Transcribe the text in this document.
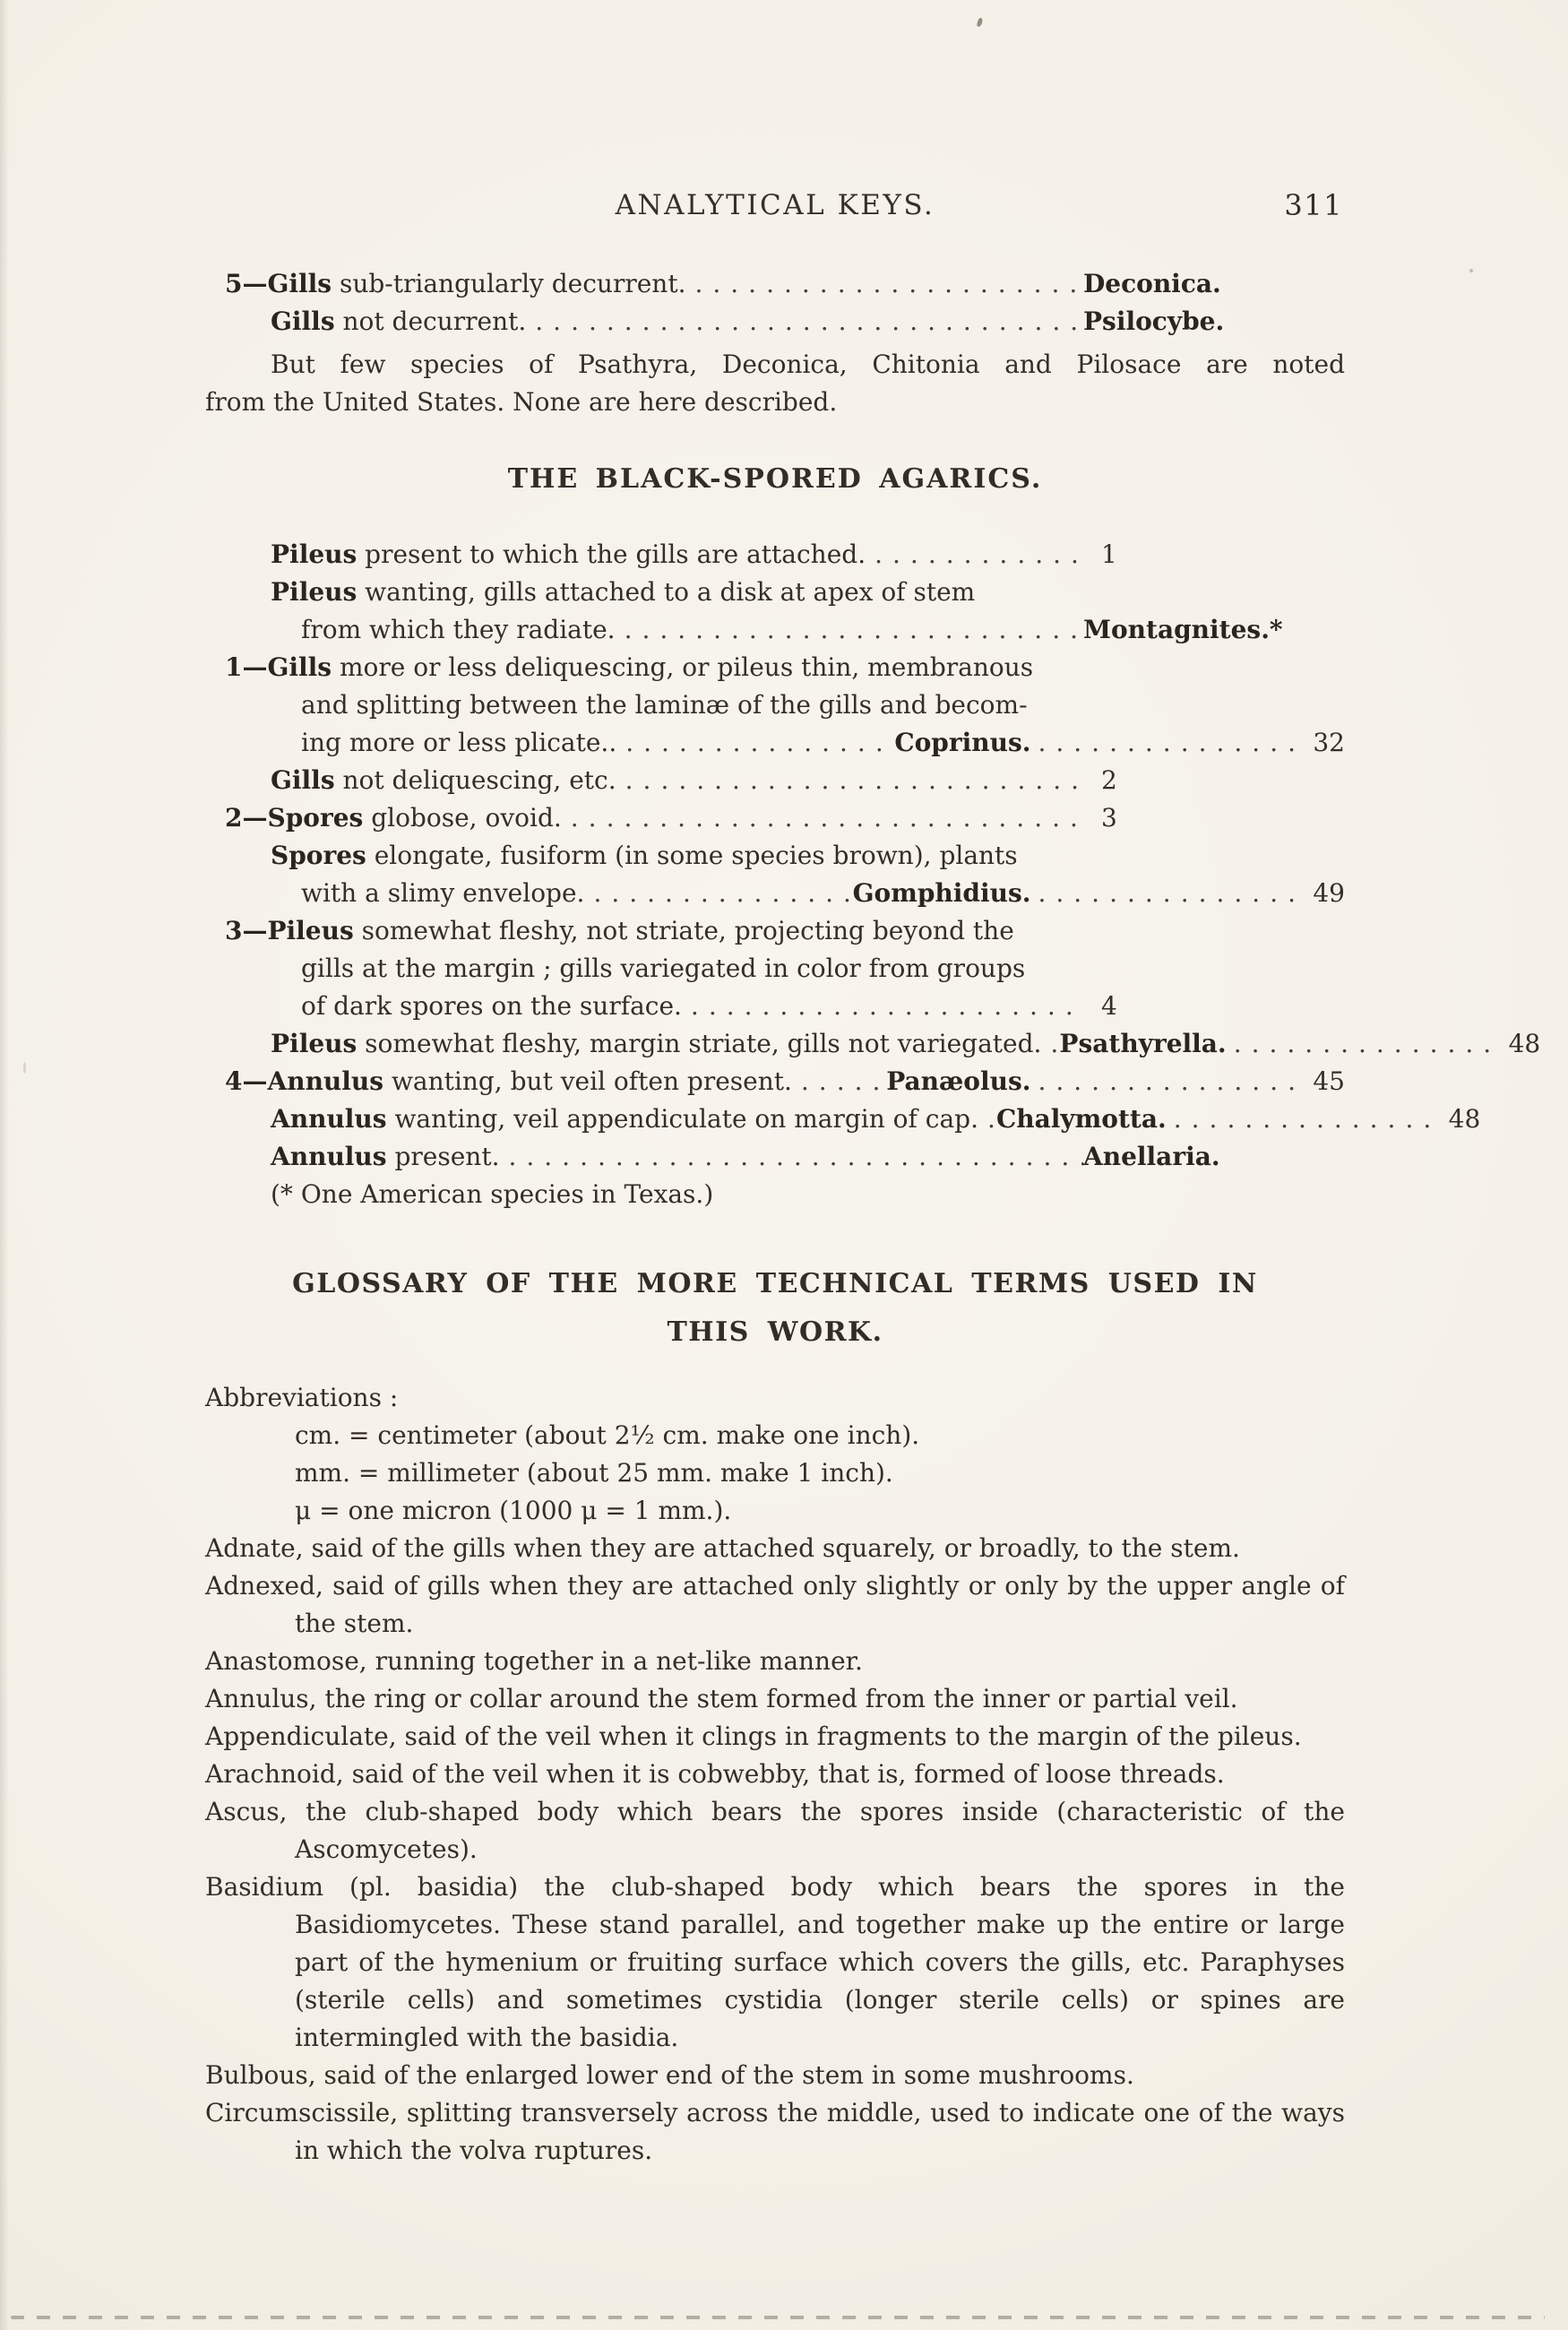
ANALYTICAL KEYS.	311
5—Gills sub-triangularly decurrent. .....	Deconica.
Gills not decurrent. .....	Psilocybe.

But few species of Psathyra, Deconica, Chitonia and Pilosace are noted
from the United States. None are here described.

THE BLACK-SPORED AGARICS.
Pileus present to which the gills are attached. .....	1
Pileus wanting, gills attached to a disk at apex of stem
from which they radiate. .....	Montagnites.*
1—Gills more or less deliquescing, or pileus thin, membranous
and splitting between the laminæ of the gills and becom-
ing more or less plicate.. .....	Coprinus. .....	32
Gills not deliquescing, etc. .....	2
2—Spores globose, ovoid. .....	3
Spores elongate, fusiform (in some species brown), plants
with a slimy envelope. .....	Gomphidius. .....	49
3—Pileus somewhat fleshy, not striate, projecting beyond the
gills at the margin ; gills variegated in color from groups
of dark spores on the surface. .....	4
Pileus somewhat fleshy, margin striate, gills not variegated. ..... Psathyrella. .....	48
4—Annulus wanting, but veil often present. .....	Panæolus. .....	45
Annulus wanting, veil appendiculate on margin of cap. ..... Chalymotta. .....	48
Annulus present. .....	Anellaria.
(* One American species in Texas.)
GLOSSARY OF THE MORE TECHNICAL TERMS USED IN
THIS WORK.
Abbreviations :
cm. = centimeter (about 2½ cm. make one inch).
mm. = millimeter (about 25 mm. make 1 inch).
μ = one micron (1000 μ = 1 mm.).

Adnate, said of the gills when they are attached squarely, or broadly, to the stem.

Adnexed, said of gills when they are attached only slightly or only by the upper angle of the stem.

Anastomose, running together in a net-like manner.

Annulus, the ring or collar around the stem formed from the inner or partial veil.

Appendiculate, said of the veil when it clings in fragments to the margin of the pileus.

Arachnoid, said of the veil when it is cobwebby, that is, formed of loose threads.

Ascus, the club-shaped body which bears the spores inside (characteristic of the Ascomycetes).

Basidium (pl. basidia) the club-shaped body which bears the spores in the Basidiomycetes. These stand parallel, and together make up the entire or large part of the hymenium or fruiting surface which covers the gills, etc. Paraphyses (sterile cells) and sometimes cystidia (longer sterile cells) or spines are intermingled with the basidia.

Bulbous, said of the enlarged lower end of the stem in some mushrooms.

Circumscissile, splitting transversely across the middle, used to indicate one of the ways in which the volva ruptures.
